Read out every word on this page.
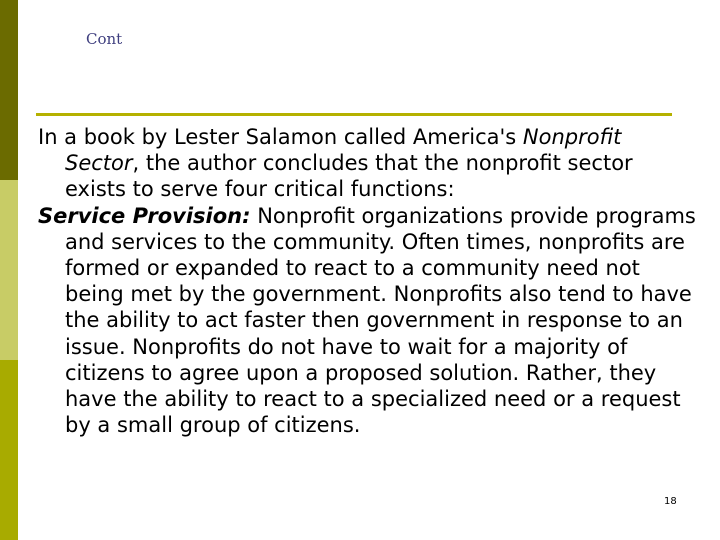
Cont

In a book by Lester Salamon called America's Nonprofit Sector, the author concludes that the nonprofit sector exists to serve four critical functions:

Service Provision: Nonprofit organizations provide programs and services to the community. Often times, nonprofits are formed or expanded to react to a community need not being met by the government. Nonprofits also tend to have the ability to act faster then government in response to an issue. Nonprofits do not have to wait for a majority of citizens to agree upon a proposed solution. Rather, they have the ability to react to a specialized need or a request by a small group of citizens.

18
